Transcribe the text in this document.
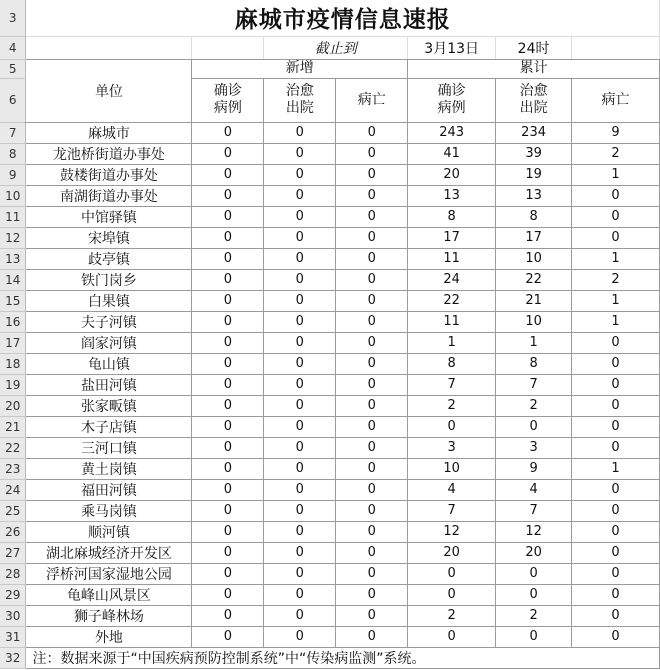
3	麻城市疫情信息速报						
4			截止到		3月13日	24时	
5	单位	新增			累计		
6		确诊病例	治愈出院	病亡	确诊病例	治愈出院	病亡
7	麻城市	0	0	0	243	234	9
8	龙池桥街道办事处	0	0	0	41	39	2
9	鼓楼街道办事处	0	0	0	20	19	1
10	南湖街道办事处	0	0	0	13	13	0
11	中馆驿镇	0	0	0	8	8	0
12	宋埠镇	0	0	0	17	17	0
13	歧亭镇	0	0	0	11	10	1
14	铁门岗乡	0	0	0	24	22	2
15	白果镇	0	0	0	22	21	1
16	夫子河镇	0	0	0	11	10	1
17	阎家河镇	0	0	0	1	1	0
18	龟山镇	0	0	0	8	8	0
19	盐田河镇	0	0	0	7	7	0
20	张家畈镇	0	0	0	2	2	0
21	木子店镇	0	0	0	0	0	0
22	三河口镇	0	0	0	3	3	0
23	黄土岗镇	0	0	0	10	9	1
24	福田河镇	0	0	0	4	4	0
25	乘马岗镇	0	0	0	7	7	0
26	顺河镇	0	0	0	12	12	0
27	湖北麻城经济开发区	0	0	0	20	20	0
28	浮桥河国家湿地公园	0	0	0	0	0	0
29	龟峰山风景区	0	0	0	0	0	0
30	狮子峰林场	0	0	0	2	2	0
31	外地	0	0	0	0	0	0
32	注：数据来源于“中国疾病预防控制系统”中“传染病监测”系统。						
